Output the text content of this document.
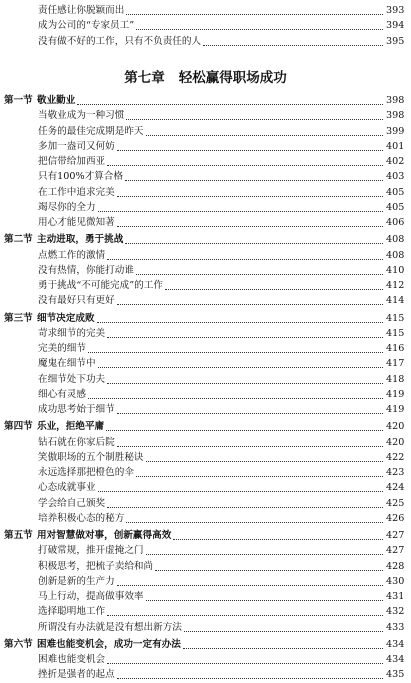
责任感让你脱颖而出	393
成为公司的“专家员工”	394
没有做不好的工作，只有不负责任的人	395
第七章 轻松赢得职场成功
第一节 敬业勤业	398
当敬业成为一种习惯	398
任务的最佳完成期是昨天	399
多加一盎司又何妨	401
把信带给加西亚	402
只有100%才算合格	403
在工作中追求完美	405
竭尽你的全力	405
用心才能见微知著	406
第二节 主动进取，勇于挑战	408
点燃工作的激情	408
没有热情，你能打动谁	410
勇于挑战“不可能完成”的工作	412
没有最好只有更好	414
第三节 细节决定成败	415
苛求细节的完美	415
完美的细节	416
魔鬼在细节中	417
在细节处下功夫	418
细心有灵感	419
成功思考始于细节	419
第四节 乐业，拒绝平庸	420
钻石就在你家后院	420
笑傲职场的五个制胜秘诀	422
永远选择那把橙色的伞	423
心态成就事业	424
学会给自己颁奖	425
培养积极心态的秘方	426
第五节 用对智慧做对事，创新赢得高效	427
打破常规，推开虚掩之门	427
积极思考，把梳子卖给和尚	428
创新是新的生产力	430
马上行动，提高做事效率	431
选择聪明地工作	432
所谓没有办法就是没有想出新方法	433
第六节 困难也能变机会，成功一定有办法	434
困难也能变机会	434
挫折是强者的起点	435
